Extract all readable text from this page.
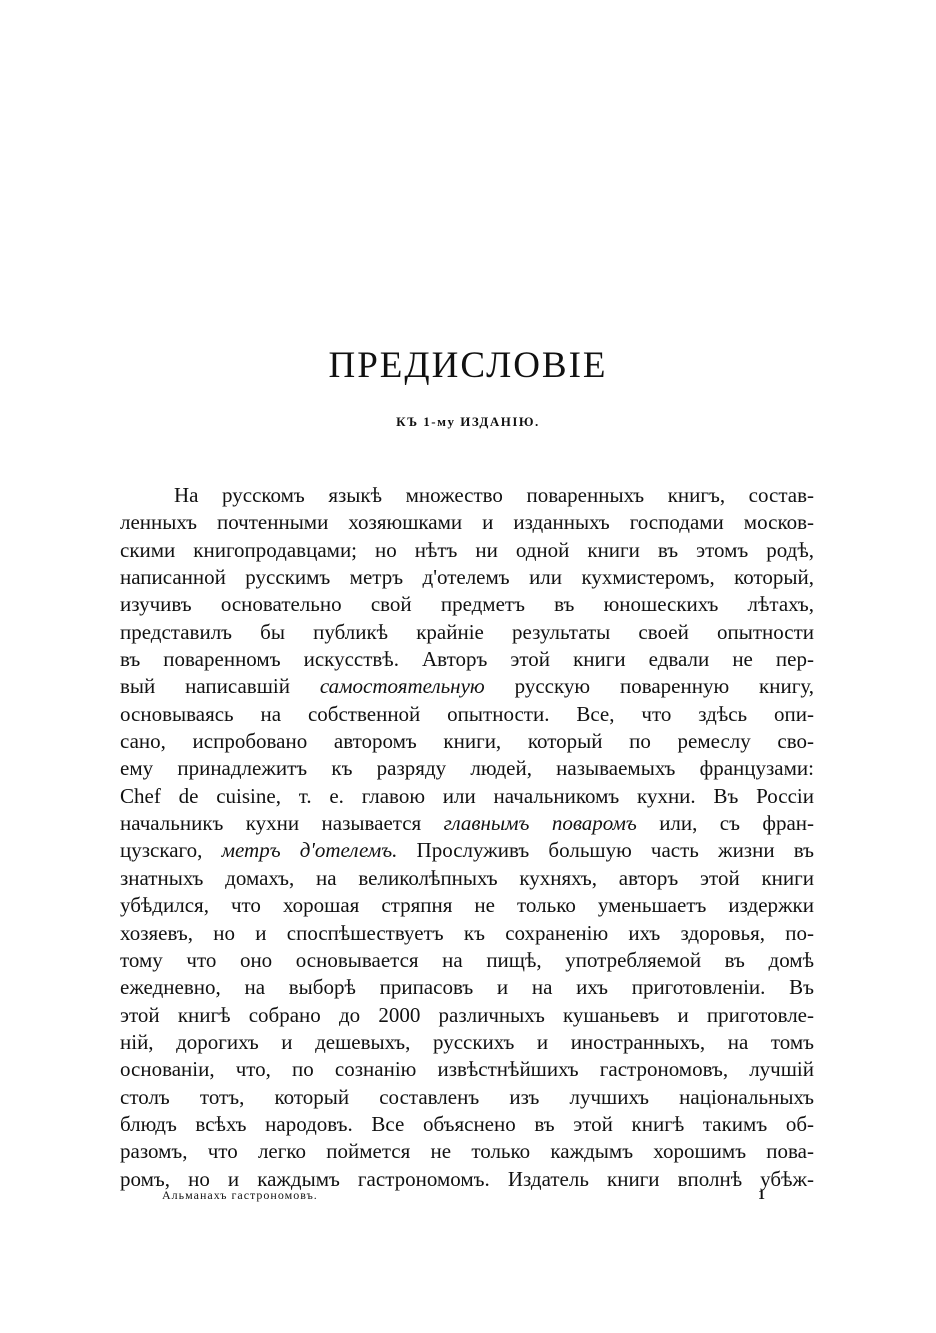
ПРЕДИСЛОВІЕ
КЪ 1-му ИЗДАНІЮ.
На русскомъ языкѣ множество поваренныхъ книгъ, состав-
ленныхъ почтенными хозяюшками и изданныхъ господами москов-
скими книгопродавцами; но нѣтъ ни одной книги въ этомъ родѣ,
написанной русскимъ метръ д'отелемъ или кухмистеромъ, который,
изучивъ основательно свой предметъ въ юношескихъ лѣтахъ,
представилъ бы публикѣ крайніе результаты своей опытности
въ поваренномъ искусствѣ. Авторъ этой книги едвали не пер-
вый написавшій самостоятельную русскую поваренную книгу,
основываясь на собственной опытности. Все, что здѣсь опи-
сано, испробовано авторомъ книги, который по ремеслу сво-
ему принадлежитъ къ разряду людей, называемыхъ французами:
Chef de cuisine, т. е. главою или начальникомъ кухни. Въ Россіи
начальникъ кухни называется главнымъ поваромъ или, съ фран-
цузскаго, метръ д'отелемъ. Прослуживъ большую часть жизни въ
знатныхъ домахъ, на великолѣпныхъ кухняхъ, авторъ этой книги
убѣдился, что хорошая стряпня не только уменьшаетъ издержки
хозяевъ, но и споспѣшествуетъ къ сохраненію ихъ здоровья, по-
тому что оно основывается на пищѣ, употребляемой въ домѣ
ежедневно, на выборѣ припасовъ и на ихъ приготовленіи. Въ
этой книгѣ собрано до 2000 различныхъ кушаньевъ и приготовле-
ній, дорогихъ и дешевыхъ, русскихъ и иностранныхъ, на томъ
основаніи, что, по сознанію извѣстнѣйшихъ гастрономовъ, лучшій
столъ тотъ, который составленъ изъ лучшихъ національныхъ
блюдъ всѣхъ народовъ. Все объяснено въ этой книгѣ такимъ об-
разомъ, что легко поймется не только каждымъ хорошимъ пова-
ромъ, но и каждымъ гастрономомъ. Издатель книги вполнѣ убѣж-
Альманахъ гастрономовъ.	1
